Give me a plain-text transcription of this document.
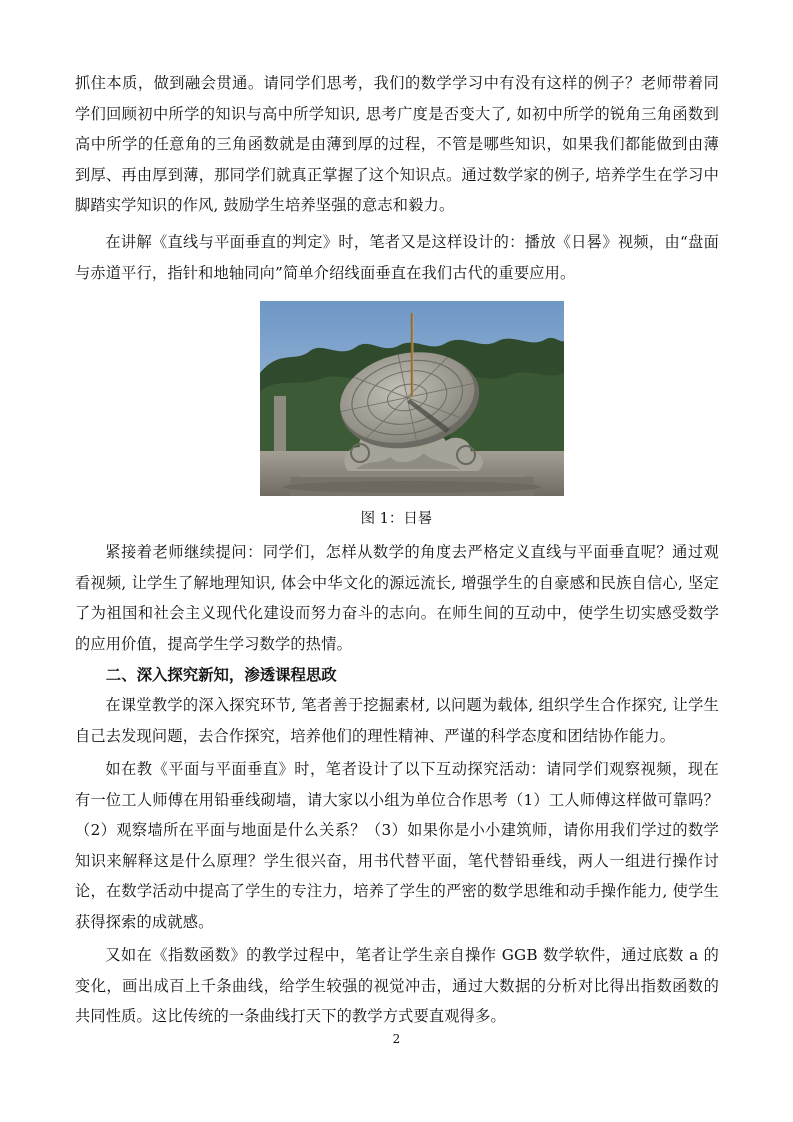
抓住本质，做到融会贯通。请同学们思考，我们的数学学习中有没有这样的例子？老师带着同学们回顾初中所学的知识与高中所学知识, 思考广度是否变大了, 如初中所学的锐角三角函数到高中所学的任意角的三角函数就是由薄到厚的过程，不管是哪些知识，如果我们都能做到由薄到厚、再由厚到薄，那同学们就真正掌握了这个知识点。通过数学家的例子, 培养学生在学习中脚踏实学知识的作风, 鼓励学生培养坚强的意志和毅力。

在讲解《直线与平面垂直的判定》时，笔者又是这样设计的：播放《日晷》视频，由“盘面与赤道平行，指针和地轴同向”简单介绍线面垂直在我们古代的重要应用。

图 1：日晷

紧接着老师继续提问：同学们，怎样从数学的角度去严格定义直线与平面垂直呢？通过观看视频, 让学生了解地理知识, 体会中华文化的源远流长, 增强学生的自豪感和民族自信心, 坚定了为祖国和社会主义现代化建设而努力奋斗的志向。在师生间的互动中，使学生切实感受数学的应用价值，提高学生学习数学的热情。

二、深入探究新知，渗透课程思政

在课堂教学的深入探究环节, 笔者善于挖掘素材, 以问题为载体, 组织学生合作探究, 让学生自己去发现问题，去合作探究，培养他们的理性精神、严谨的科学态度和团结协作能力。

如在教《平面与平面垂直》时，笔者设计了以下互动探究活动：请同学们观察视频，现在有一位工人师傅在用铅垂线砌墙，请大家以小组为单位合作思考（1）工人师傅这样做可靠吗？（2）观察墙所在平面与地面是什么关系？（3）如果你是小小建筑师，请你用我们学过的数学知识来解释这是什么原理？学生很兴奋，用书代替平面，笔代替铅垂线，两人一组进行操作讨论，在数学活动中提高了学生的专注力，培养了学生的严密的数学思维和动手操作能力, 使学生获得探索的成就感。

又如在《指数函数》的教学过程中，笔者让学生亲自操作 GGB 数学软件，通过底数 a 的变化，画出成百上千条曲线，给学生较强的视觉冲击，通过大数据的分析对比得出指数函数的共同性质。这比传统的一条曲线打天下的教学方式要直观得多。

2
